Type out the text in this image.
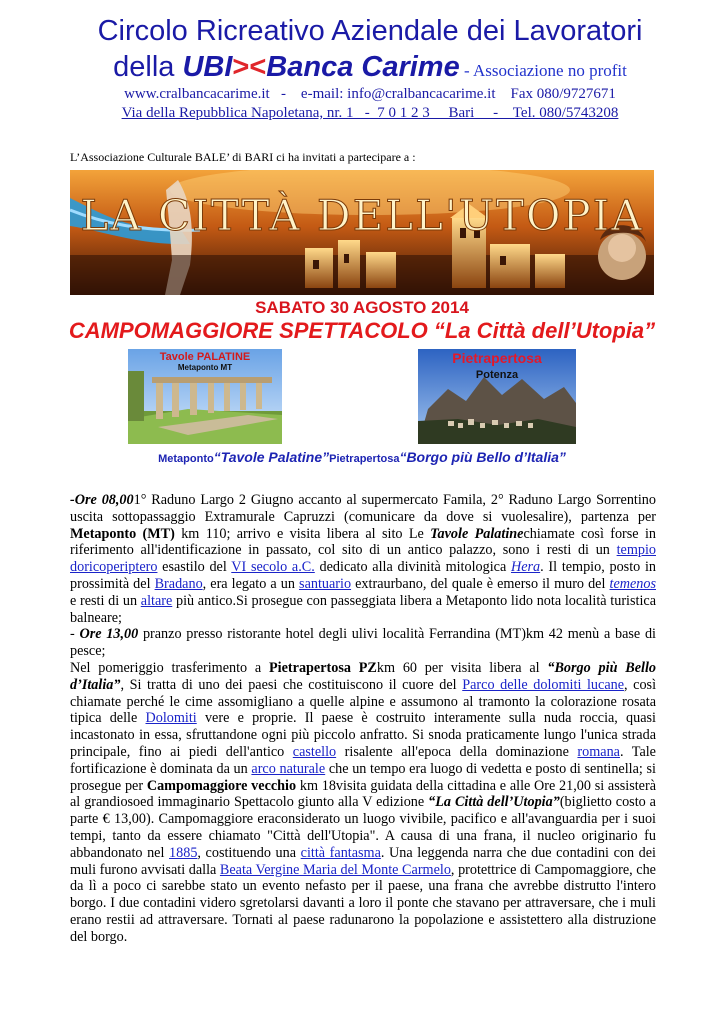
Circolo Ricreativo Aziendale dei Lavoratori
della UBI><Banca Carime - Associazione no profit
www.cralbancacarime.it   -    e-mail: info@cralbancacarime.it    Fax 080/9727671
Via della Repubblica Napoletana, nr. 1   -  7 0 1 2 3     Bari     -    Tel. 080/5743208
L’Associazione Culturale BALE’ di BARI ci ha invitati a partecipare a :
LA CITTÀ DELL'UTOPIA
SABATO 30 AGOSTO 2014
CAMPOMAGGIORE SPETTACOLO “La Città dell’Utopia”
Tavole PALATINE
Metaponto MT
Pietrapertosa
Potenza
Metaponto“Tavole Palatine”Pietrapertosa“Borgo più Bello d’Italia”

-Ore 08,001° Raduno Largo 2 Giugno accanto al supermercato Famila, 2° Raduno Largo Sorrentino uscita sottopassaggio Extramurale Capruzzi (comunicare da dove si vuolesalire), partenza per Metaponto (MT) km 110; arrivo e visita libera al sito Le Tavole Palatinechiamate così forse in riferimento all'identificazione in passato, col sito di un antico palazzo, sono i resti di un tempio doricoperiptero esastilo del VI secolo a.C. dedicato alla divinità mitologica Hera. Il tempio, posto in prossimità del Bradano, era legato a un santuario extraurbano, del quale è emerso il muro del temenos e resti di un altare più antico.Si prosegue con passeggiata libera a Metaponto lido nota località turistica balneare;

- Ore 13,00 pranzo presso ristorante hotel degli ulivi località Ferrandina (MT)km 42 menù a base di pesce;

Nel pomeriggio trasferimento a Pietrapertosa PZkm 60 per visita libera al “Borgo più Bello d’Italia”, Si tratta di uno dei paesi che costituiscono il cuore del Parco delle dolomiti lucane, così chiamate perché le cime assomigliano a quelle alpine e assumono al tramonto la colorazione rosata tipica delle Dolomiti vere e proprie. Il paese è costruito interamente sulla nuda roccia, quasi incastonato in essa, sfruttandone ogni più piccolo anfratto. Si snoda praticamente lungo l'unica strada principale, fino ai piedi dell'antico castello risalente all'epoca della dominazione romana. Tale fortificazione è dominata da un arco naturale che un tempo era luogo di vedetta e posto di sentinella; si prosegue per Campomaggiore vecchio km 18visita guidata della cittadina e alle Ore 21,00 si assisterà al grandiosoed immaginario Spettacolo giunto alla V edizione “La Città dell’Utopia”(biglietto costo a parte € 13,00). Campomaggiore eraconsiderato un luogo vivibile, pacifico e all'avanguardia per i suoi tempi, tanto da essere chiamato "Città dell'Utopia". A causa di una frana, il nucleo originario fu abbandonato nel 1885, costituendo una città fantasma. Una leggenda narra che due contadini con dei muli furono avvisati dalla Beata Vergine Maria del Monte Carmelo, protettrice di Campomaggiore, che da lì a poco ci sarebbe stato un evento nefasto per il paese, una frana che avrebbe distrutto l'intero borgo. I due contadini videro sgretolarsi davanti a loro il ponte che stavano per attraversare, che i muli erano restii ad attraversare. Tornati al paese radunarono la popolazione e assistettero alla distruzione del borgo.
